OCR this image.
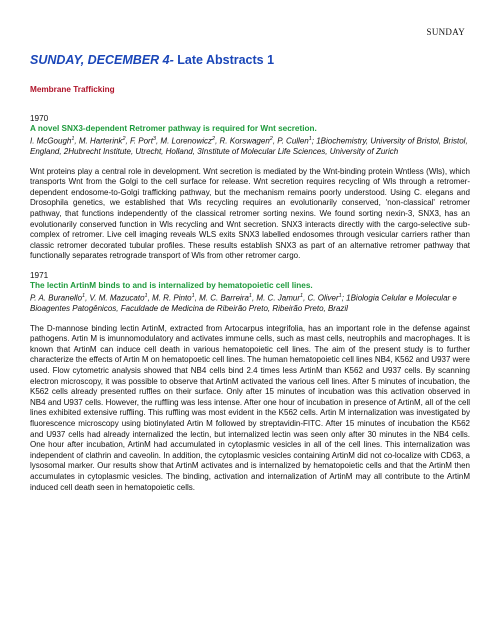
SUNDAY
SUNDAY, DECEMBER 4- Late Abstracts 1
Membrane Trafficking

1970

A novel SNX3-dependent Retromer pathway is required for Wnt secretion.

I. McGough$^1$, M. Harterink$^2$, F. Port$^3$, M. Lorenowicz$^2$, R. Korswagen$^2$, P. Cullen$^1$; 1Biochemistry, University of Bristol, Bristol, England, 2Hubrecht Institute, Utrecht, Holland, 3Institute of Molecular Life Sciences, University of Zurich

Wnt proteins play a central role in development. Wnt secretion is mediated by the Wnt-binding protein Wntless (Wls), which transports Wnt from the Golgi to the cell surface for release. Wnt secretion requires recycling of Wls through a retromer-dependent endosome-to-Golgi trafficking pathway, but the mechanism remains poorly understood. Using C. elegans and Drosophila genetics, we established that Wls recycling requires an evolutionarily conserved, 'non-classical' retromer pathway, that functions independently of the classical retromer sorting nexins. We found sorting nexin-3, SNX3, has an evolutionarily conserved function in Wls recycling and Wnt secretion. SNX3 interacts directly with the cargo-selective sub-complex of retromer. Live cell imaging reveals WLS exits SNX3 labelled endosomes through vesicular carriers rather than classic retromer decorated tubular profiles. These results establish SNX3 as part of an alternative retromer pathway that functionally separates retrograde transport of Wls from other retromer cargo.

1971

The lectin ArtinM binds to and is internalized by hematopoietic cell lines.

P. A. Buranello$^1$, V. M. Mazucato$^1$, M. R. Pinto$^1$, M. C. Barreira$^1$, M. C. Jamur$^1$, C. Oliver$^1$; 1Biologia Celular e Molecular e Bioagentes Patogênicos, Faculdade de Medicina de Ribeirão Preto, Ribeirão Preto, Brazil

The D-mannose binding lectin ArtinM, extracted from Artocarpus integrifolia, has an important role in the defense against pathogens. Artin M is imunnomodulatory and activates immune cells, such as mast cells, neutrophils and macrophages. It is known that ArtinM can induce cell death in various hematopoietic cell lines. The aim of the present study is to further characterize the effects of Artin M on hematopoetic cell lines. The human hematopoietic cell lines NB4, K562 and U937 were used. Flow cytometric analysis showed that NB4 cells bind 2.4 times less ArtinM than K562 and U937 cells. By scanning electron microscopy, it was possible to observe that ArtinM activated the various cell lines. After 5 minutes of incubation, the K562 cells already presented ruffles on their surface. Only after 15 minutes of incubation was this activation observed in NB4 and U937 cells. However, the ruffling was less intense. After one hour of incubation in presence of ArtinM, all of the cell lines exhibited extensive ruffling. This ruffling was most evident in the K562 cells. Artin M internalization was investigated by fluorescence microscopy using biotinylated Artin M followed by streptavidin-FITC. After 15 minutes of incubation the K562 and U937 cells had already internalized the lectin, but internalized lectin was seen only after 30 minutes in the NB4 cells. One hour after incubation, ArtinM had accumulated in cytoplasmic vesicles in all of the cell lines. This internalization was independent of clathrin and caveolin. In addition, the cytoplasmic vesicles containing ArtinM did not co-localize with CD63, a lysosomal marker. Our results show that ArtinM activates and is internalized by hematopoietic cells and that the ArtinM then accumulates in cytoplasmic vesicles. The binding, activation and internalization of ArtinM may all contribute to the ArtinM induced cell death seen in hematopoietic cells.
